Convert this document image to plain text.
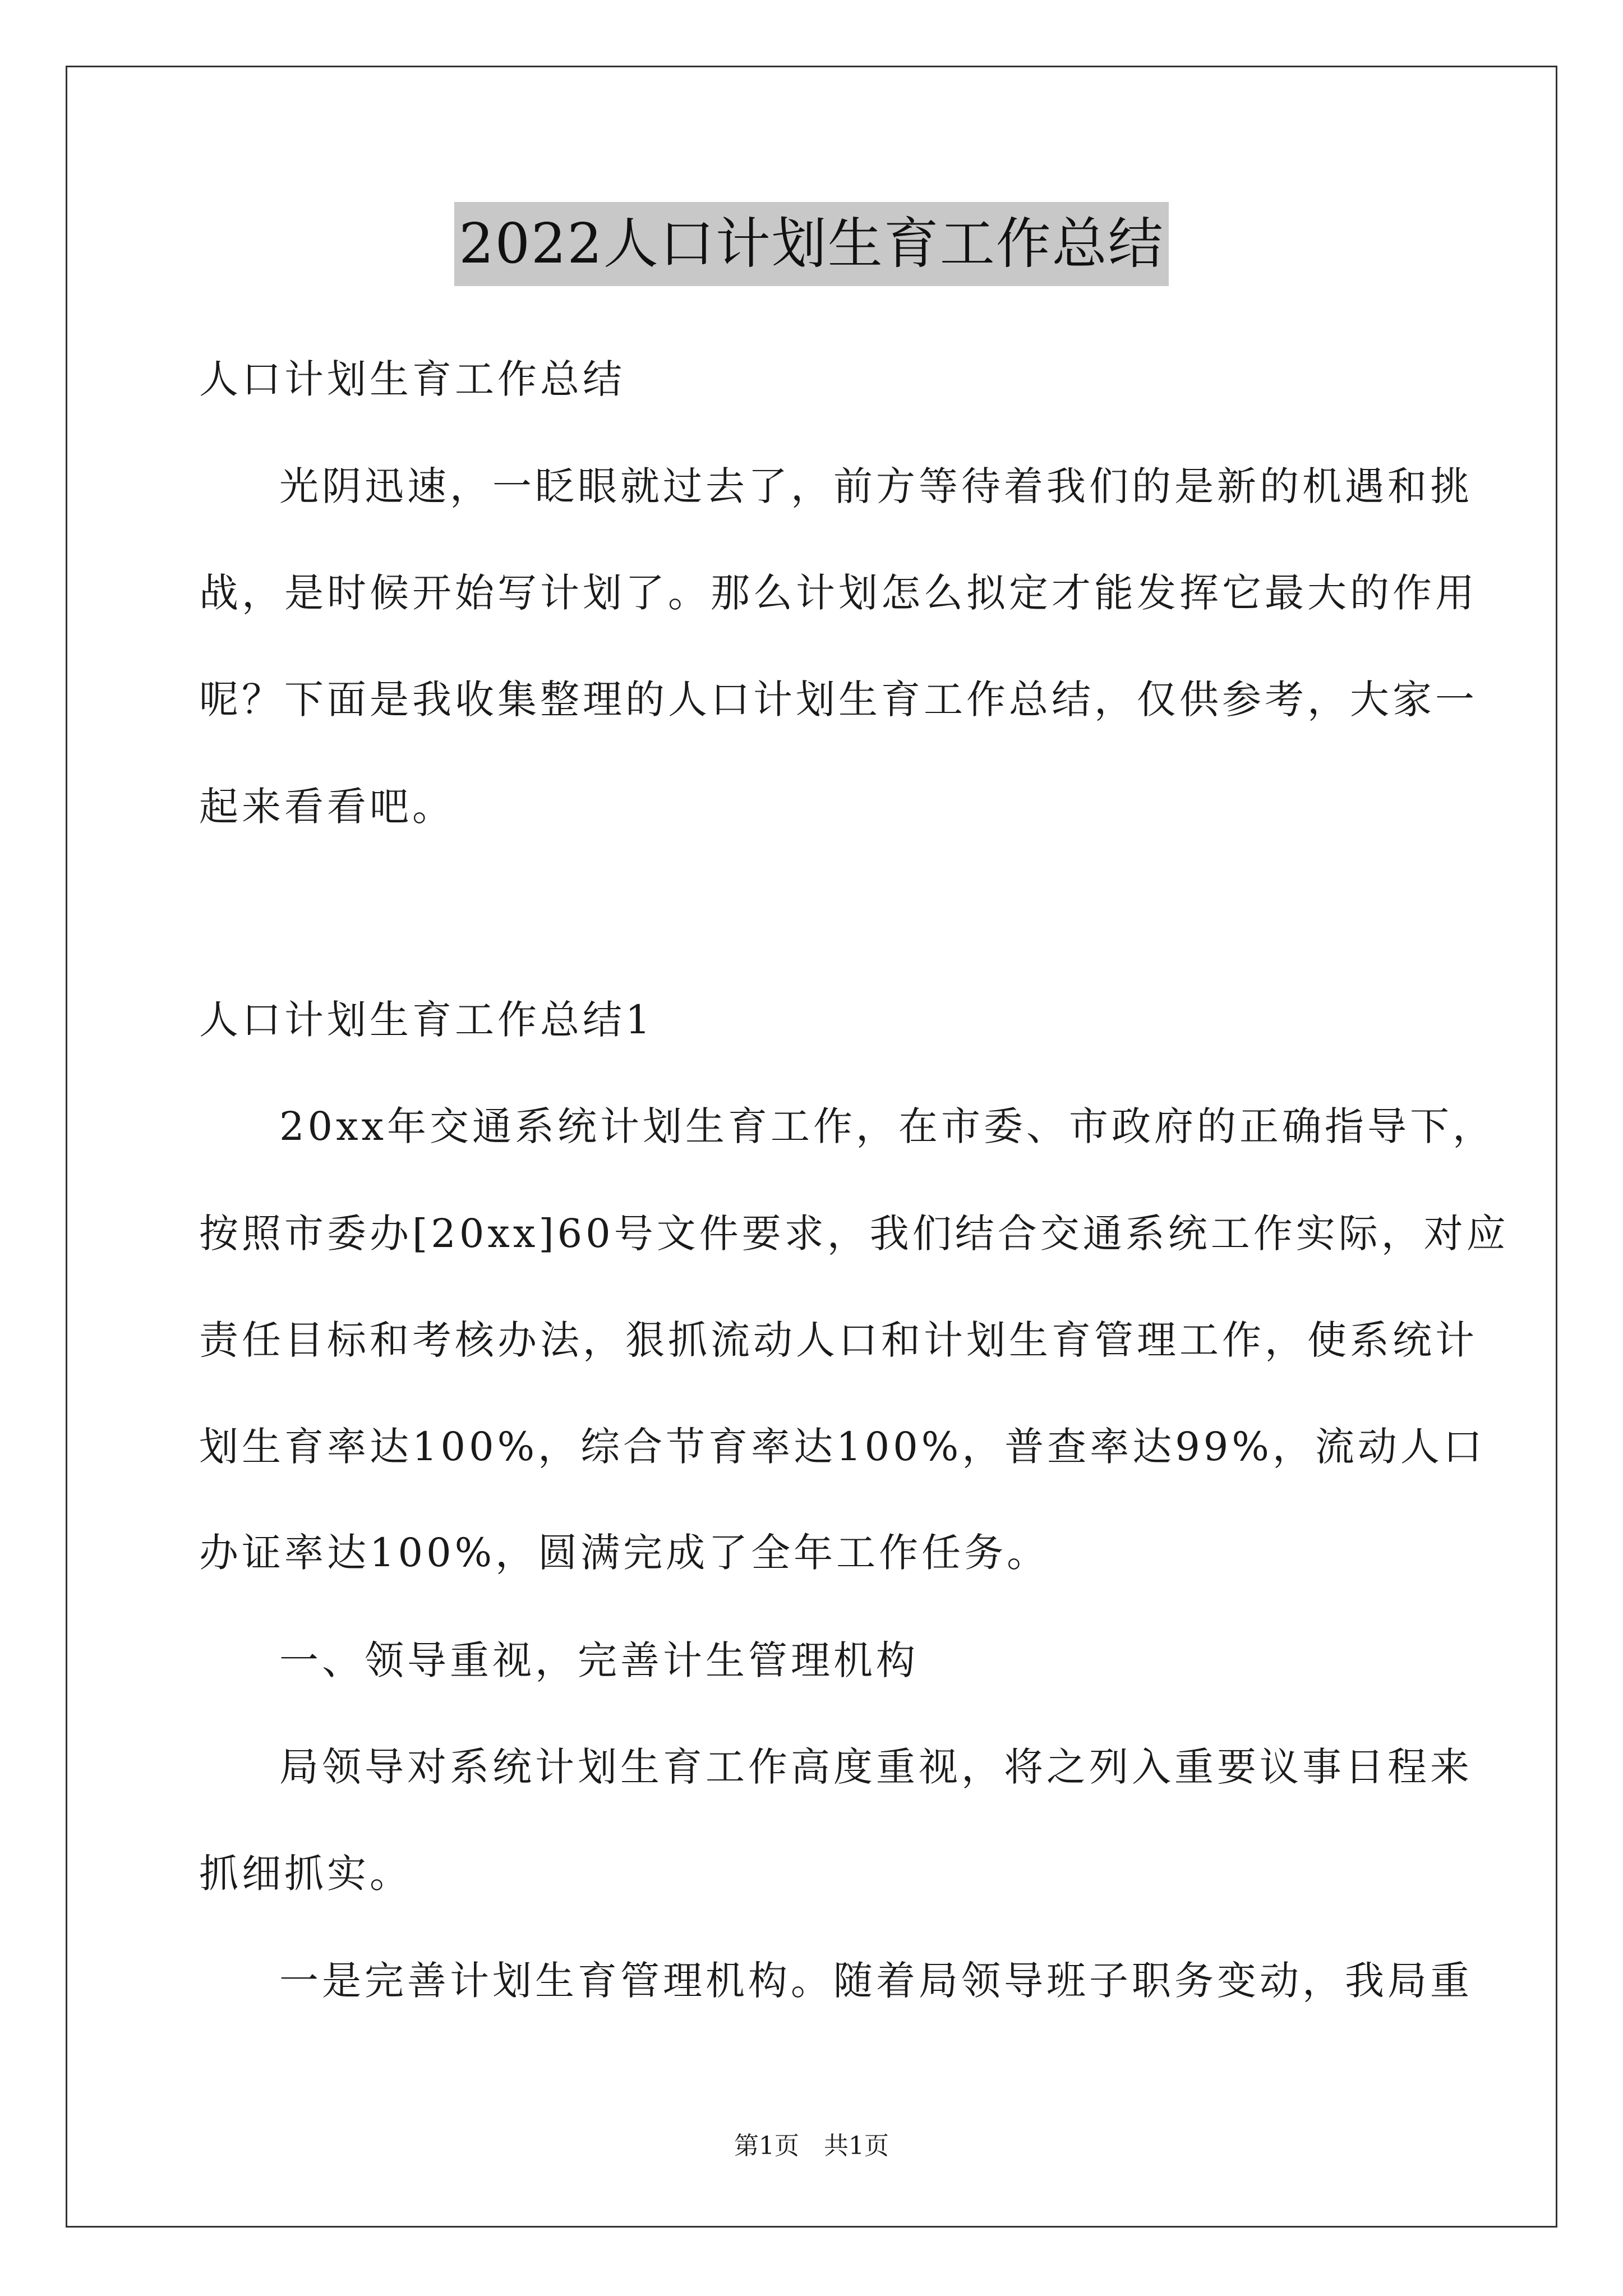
2022人口计划生育工作总结
人口计划生育工作总结
光阴迅速，一眨眼就过去了，前方等待着我们的是新的机遇和挑
战，是时候开始写计划了。那么计划怎么拟定才能发挥它最大的作用
呢？下面是我收集整理的人口计划生育工作总结，仅供参考，大家一
起来看看吧。
人口计划生育工作总结1
20xx年交通系统计划生育工作，在市委、市政府的正确指导下，
按照市委办[20xx]60号文件要求，我们结合交通系统工作实际，对应
责任目标和考核办法，狠抓流动人口和计划生育管理工作，使系统计
划生育率达100%，综合节育率达100%，普查率达99%，流动人口
办证率达100%，圆满完成了全年工作任务。
一、领导重视，完善计生管理机构
局领导对系统计划生育工作高度重视，将之列入重要议事日程来
抓细抓实。
一是完善计划生育管理机构。随着局领导班子职务变动，我局重
第1页　共1页
